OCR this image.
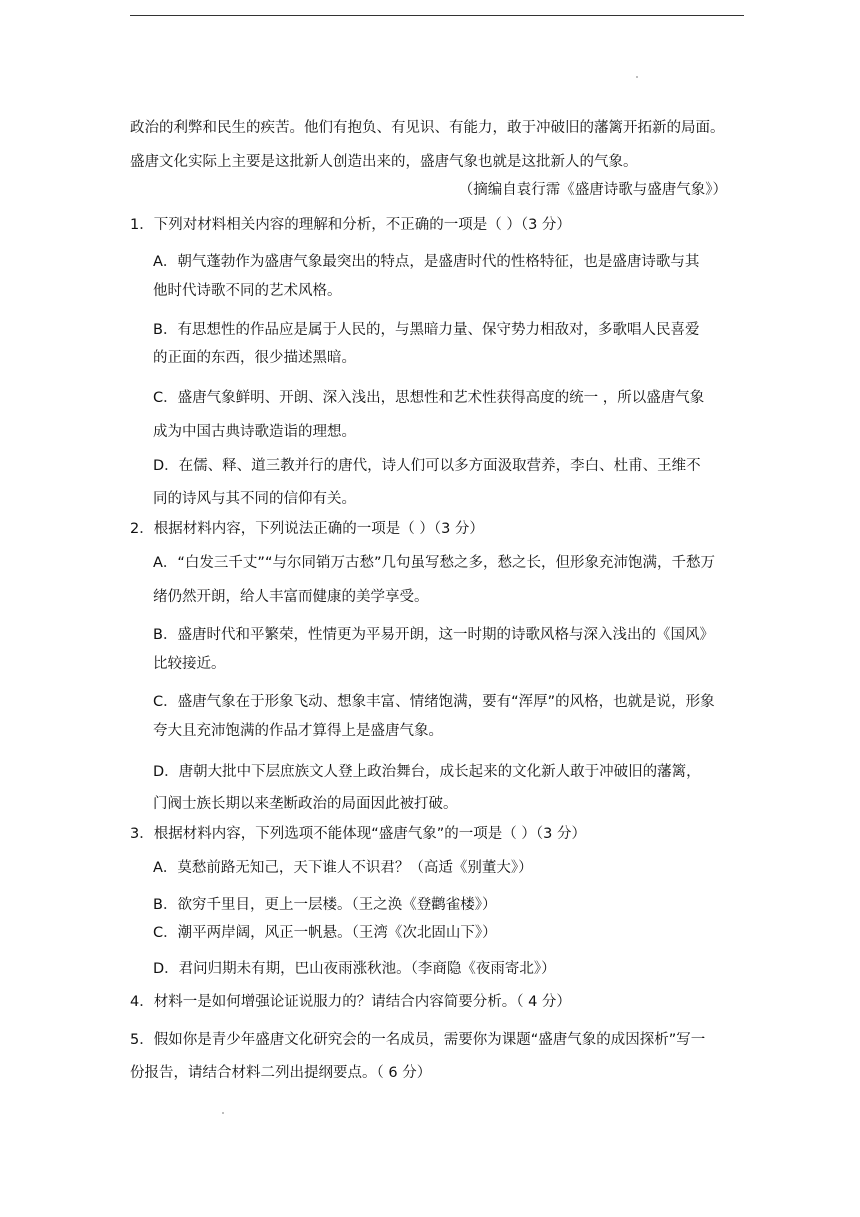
政治的利弊和民生的疾苦。他们有抱负、有见识、有能力，敢于冲破旧的藩篱开拓新的局面。
盛唐文化实际上主要是这批新人创造出来的，盛唐气象也就是这批新人的气象。
（摘编自袁行霈《盛唐诗歌与盛唐气象》）
1．下列对材料相关内容的理解和分析，不正确的一项是（ ）（3 分）
A．朝气蓬勃作为盛唐气象最突出的特点，是盛唐时代的性格特征，也是盛唐诗歌与其
他时代诗歌不同的艺术风格。
B．有思想性的作品应是属于人民的，与黑暗力量、保守势力相敌对，多歌唱人民喜爱
的正面的东西，很少描述黑暗。
C．盛唐气象鲜明、开朗、深入浅出，思想性和艺术性获得高度的统一 ，所以盛唐气象
成为中国古典诗歌造诣的理想。
D．在儒、释、道三教并行的唐代，诗人们可以多方面汲取营养，李白、杜甫、王维不
同的诗风与其不同的信仰有关。
2．根据材料内容，下列说法正确的一项是（ ）（3 分）
A．“白发三千丈”“与尔同销万古愁”几句虽写愁之多，愁之长，但形象充沛饱满，千愁万
绪仍然开朗，给人丰富而健康的美学享受。
B．盛唐时代和平繁荣，性情更为平易开朗，这一时期的诗歌风格与深入浅出的《国风》
比较接近。
C．盛唐气象在于形象飞动、想象丰富、情绪饱满，要有“浑厚”的风格，也就是说，形象
夸大且充沛饱满的作品才算得上是盛唐气象。
D．唐朝大批中下层庶族文人登上政治舞台，成长起来的文化新人敢于冲破旧的藩篱，
门阀士族长期以来垄断政治的局面因此被打破。
3．根据材料内容，下列选项不能体现“盛唐气象”的一项是（ ）（3 分）
A．莫愁前路无知己，天下谁人不识君？（高适《别董大》）
B．欲穷千里目，更上一层楼。（王之涣《登鹳雀楼》）
C．潮平两岸阔，风正一帆悬。（王湾《次北固山下》）
D．君问归期未有期，巴山夜雨涨秋池。（李商隐《夜雨寄北》）
4．材料一是如何增强论证说服力的？请结合内容简要分析。（ 4 分）
5．假如你是青少年盛唐文化研究会的一名成员，需要你为课题“盛唐气象的成因探析”写一
份报告，请结合材料二列出提纲要点。（ 6 分）
